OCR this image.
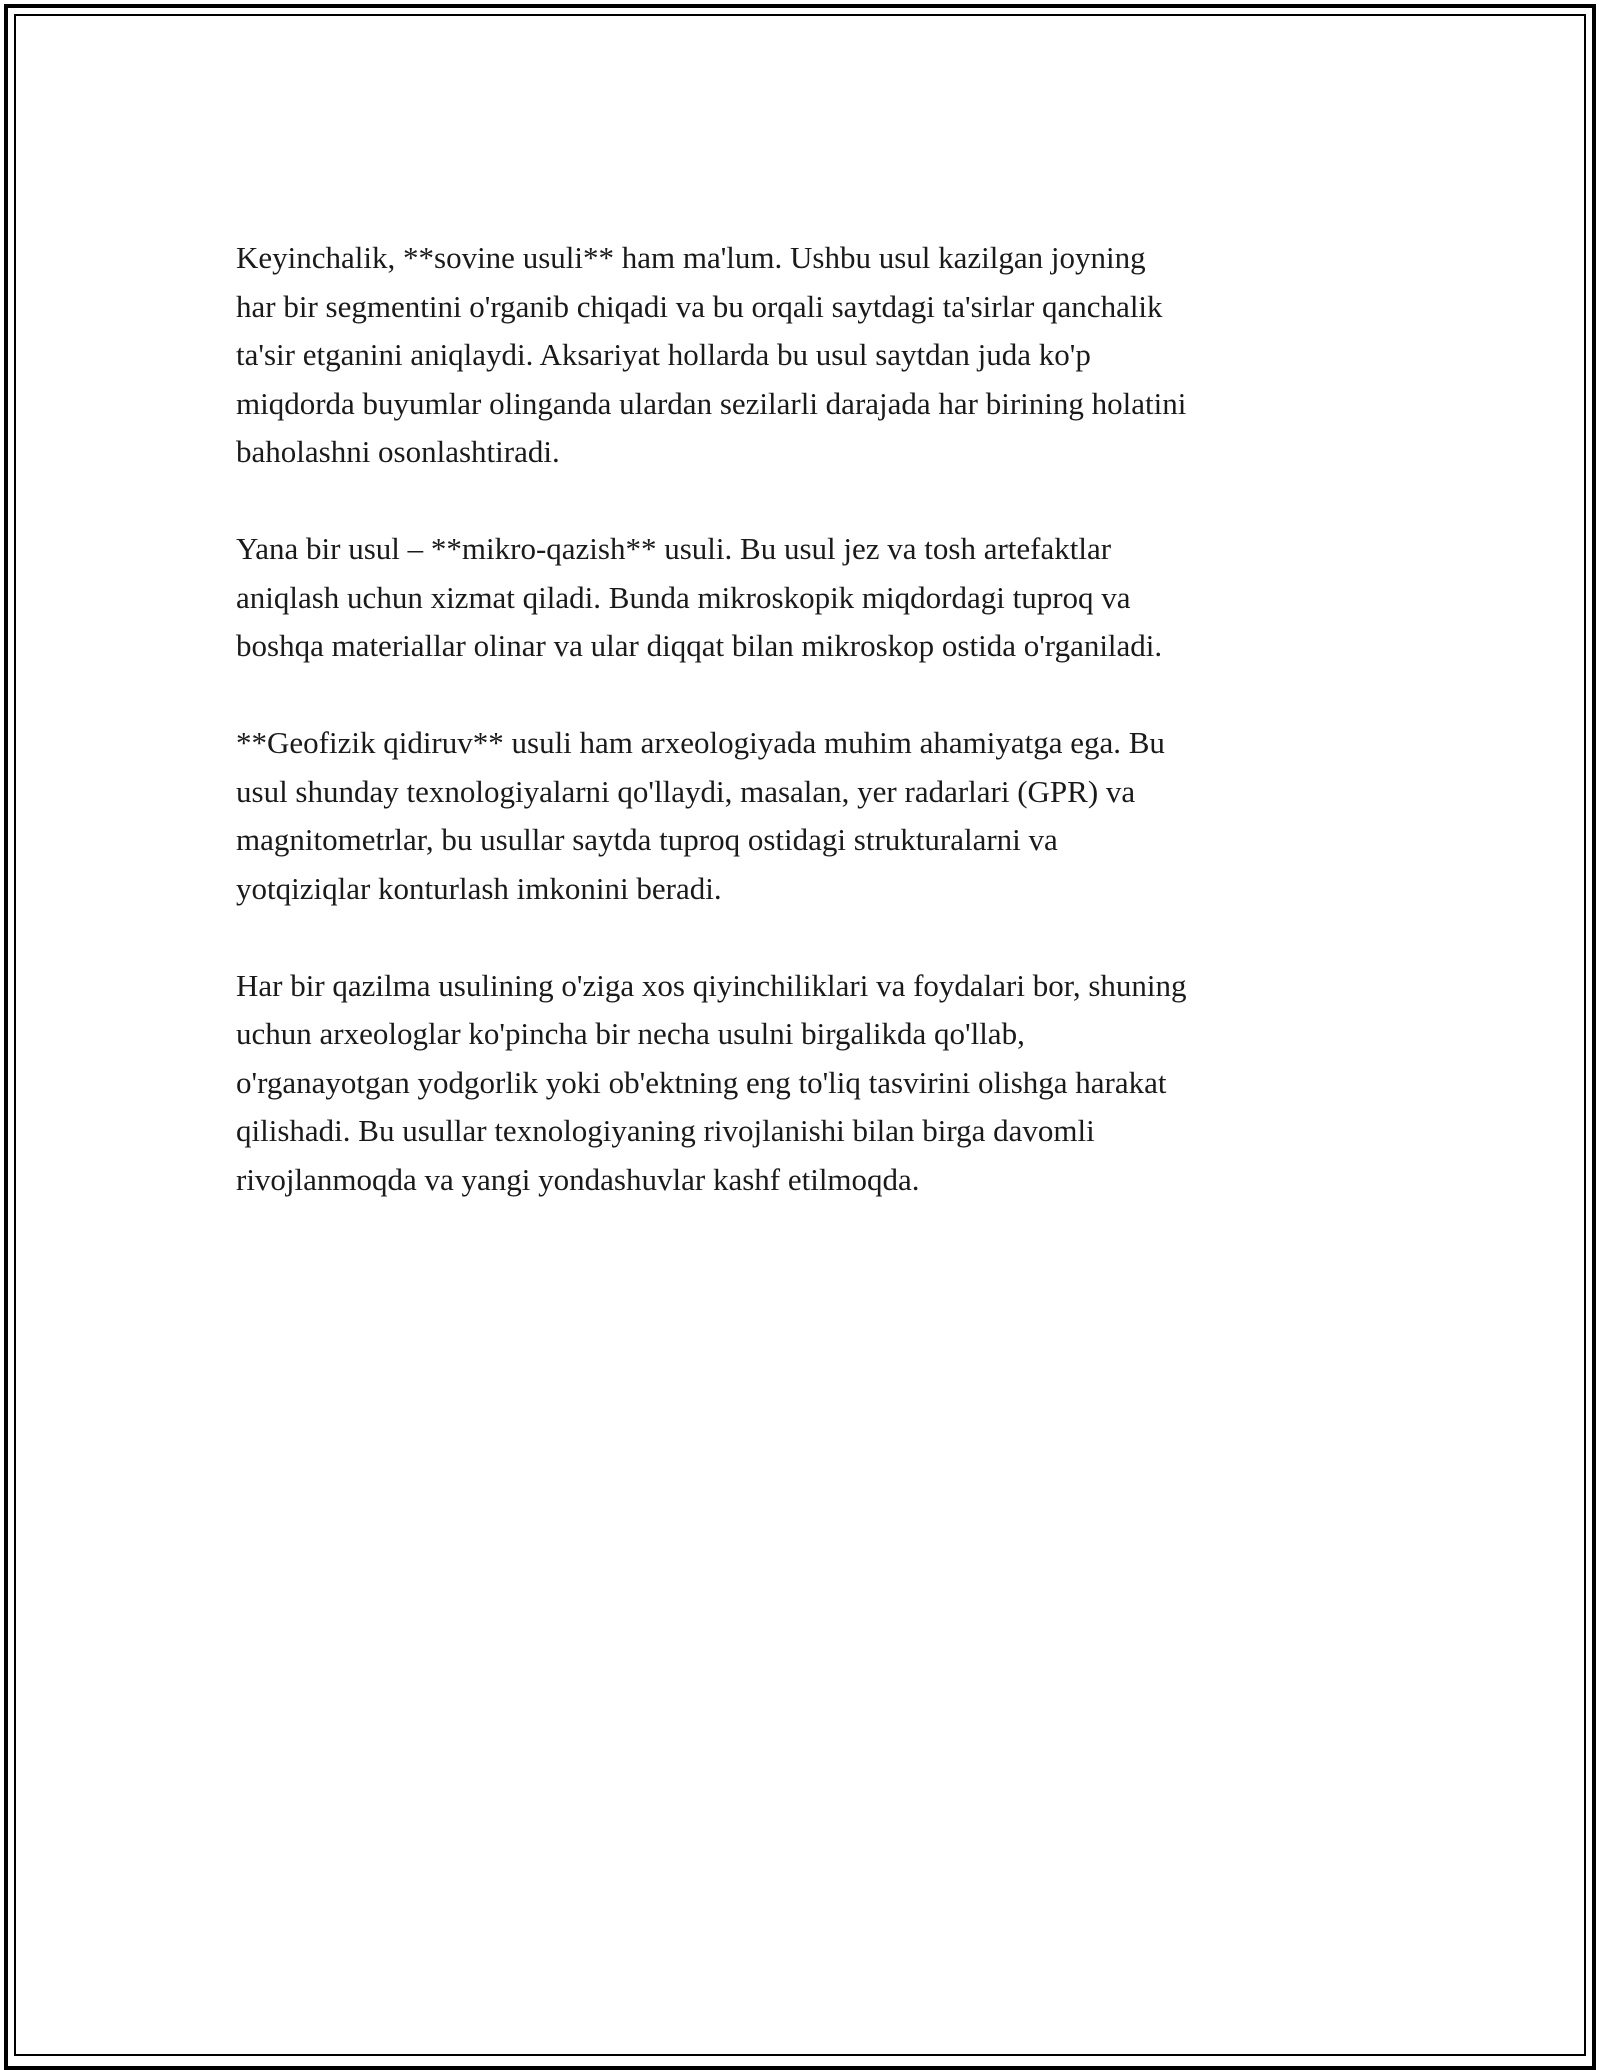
Keyinchalik, **sovine usuli** ham ma'lum. Ushbu usul kazilgan joyning
har bir segmentini o'rganib chiqadi va bu orqali saytdagi ta'sirlar qanchalik
ta'sir etganini aniqlaydi. Aksariyat hollarda bu usul saytdan juda ko'p
miqdorda buyumlar olinganda ulardan sezilarli darajada har birining holatini
baholashni osonlashtiradi.

Yana bir usul – **mikro-qazish** usuli. Bu usul jez va tosh artefaktlar
aniqlash uchun xizmat qiladi. Bunda mikroskopik miqdordagi tuproq va
boshqa materiallar olinar va ular diqqat bilan mikroskop ostida o'rganiladi.

**Geofizik qidiruv** usuli ham arxeologiyada muhim ahamiyatga ega. Bu
usul shunday texnologiyalarni qo'llaydi, masalan, yer radarlari (GPR) va
magnitometrlar, bu usullar saytda tuproq ostidagi strukturalarni va
yotqiziqlar konturlash imkonini beradi.

Har bir qazilma usulining o'ziga xos qiyinchiliklari va foydalari bor, shuning
uchun arxeologlar ko'pincha bir necha usulni birgalikda qo'llab,
o'rganayotgan yodgorlik yoki ob'ektning eng to'liq tasvirini olishga harakat
qilishadi. Bu usullar texnologiyaning rivojlanishi bilan birga davomli
rivojlanmoqda va yangi yondashuvlar kashf etilmoqda.
